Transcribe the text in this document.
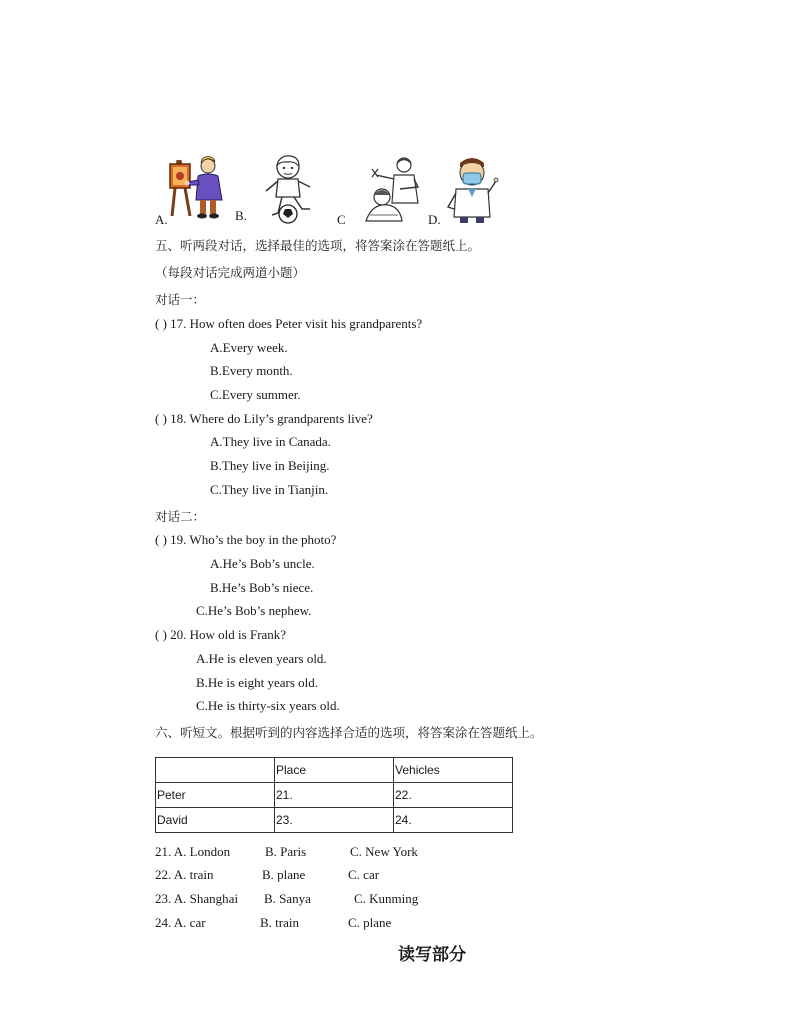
A.	B.	C	D.
五、听两段对话，选择最佳的选项，将答案涂在答题纸上。
（每段对话完成两道小题）
对话一：
( ) 17. How often does Peter visit his grandparents?
A.Every week.
B.Every month.
C.Every summer.
( ) 18. Where do Lily’s grandparents live?
A.They live in Canada.
B.They live in Beijing.
C.They live in Tianjin.
对话二：
( ) 19. Who’s the boy in the photo?
A.He’s Bob’s uncle.
B.He’s Bob’s niece.
C.He’s Bob’s nephew.
( ) 20. How old is Frank?
A.He is eleven years old.
B.He is eight years old.
C.He is thirty-six years old.
六、听短文。根据听到的内容选择合适的选项，将答案涂在答题纸上。
	Place	Vehicles
Peter	21.	22.
David	23.	24.
21. A. London	B. Paris	C. New York
22. A. train	B. plane	C. car
23. A. Shanghai B. Sanya	C. Kunming
24. A. car	B. train	C. plane
读写部分
